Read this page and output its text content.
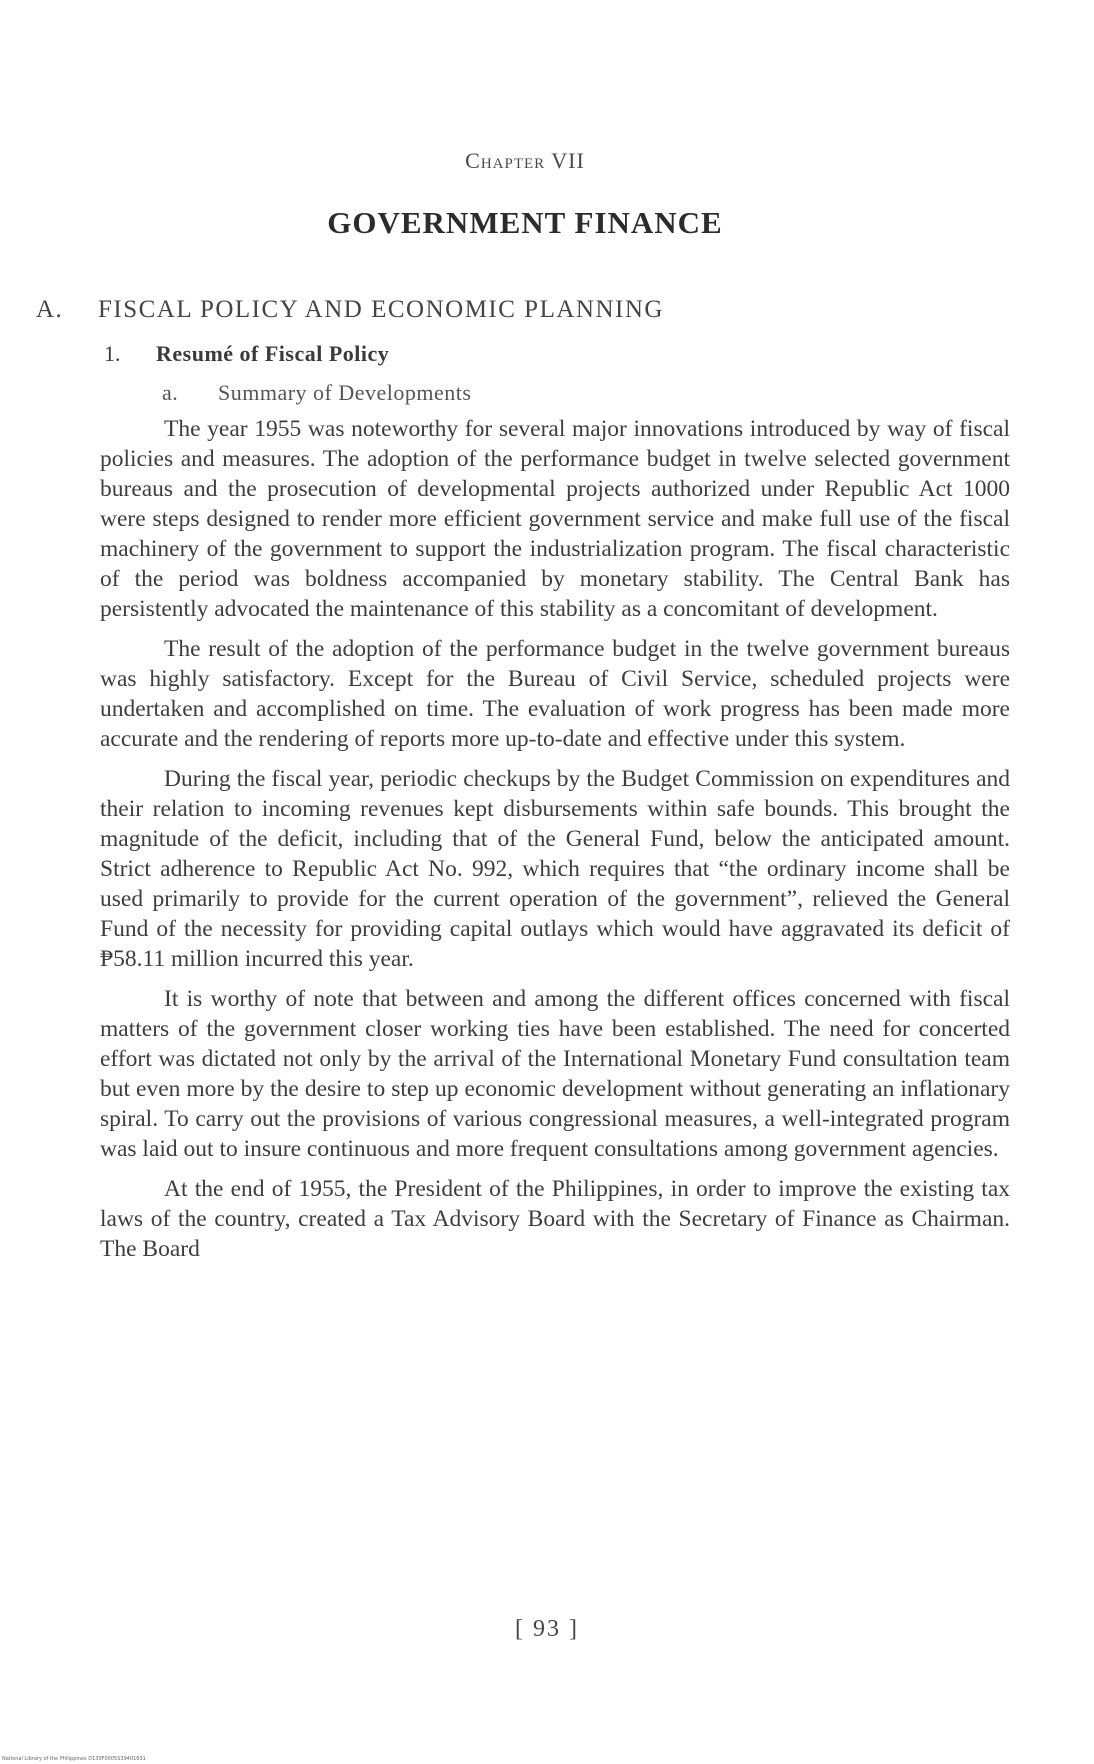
Chapter VII
GOVERNMENT FINANCE
A. FISCAL POLICY AND ECONOMIC PLANNING
1. Resumé of Fiscal Policy
a. Summary of Developments

The year 1955 was noteworthy for several major innovations introduced by way of fiscal policies and measures. The adoption of the performance budget in twelve selected government bureaus and the prosecution of developmental projects authorized under Republic Act 1000 were steps designed to render more efficient government service and make full use of the fiscal machinery of the government to support the industrialization program. The fiscal characteristic of the period was boldness accompanied by monetary stability. The Central Bank has persistently advocated the maintenance of this stability as a concomitant of development.

The result of the adoption of the performance budget in the twelve government bureaus was highly satisfactory. Except for the Bureau of Civil Service, scheduled projects were undertaken and accomplished on time. The evaluation of work progress has been made more accurate and the rendering of reports more up-to-date and effective under this system.

During the fiscal year, periodic checkups by the Budget Commission on expenditures and their relation to incoming revenues kept disbursements within safe bounds. This brought the magnitude of the deficit, including that of the General Fund, below the anticipated amount. Strict adherence to Republic Act No. 992, which requires that “the ordinary income shall be used primarily to provide for the current operation of the government”, relieved the General Fund of the necessity for providing capital outlays which would have aggravated its deficit of ₱58.11 million incurred this year.

It is worthy of note that between and among the different offices concerned with fiscal matters of the government closer working ties have been established. The need for concerted effort was dictated not only by the arrival of the International Monetary Fund consultation team but even more by the desire to step up economic development without generating an inflationary spiral. To carry out the provisions of various congressional measures, a well-integrated program was laid out to insure continuous and more frequent consultations among government agencies.

At the end of 1955, the President of the Philippines, in order to improve the existing tax laws of the country, created a Tax Advisory Board with the Secretary of Finance as Chairman. The Board

[ 93 ]
National Library of the Philippines D130F0005S39401631
